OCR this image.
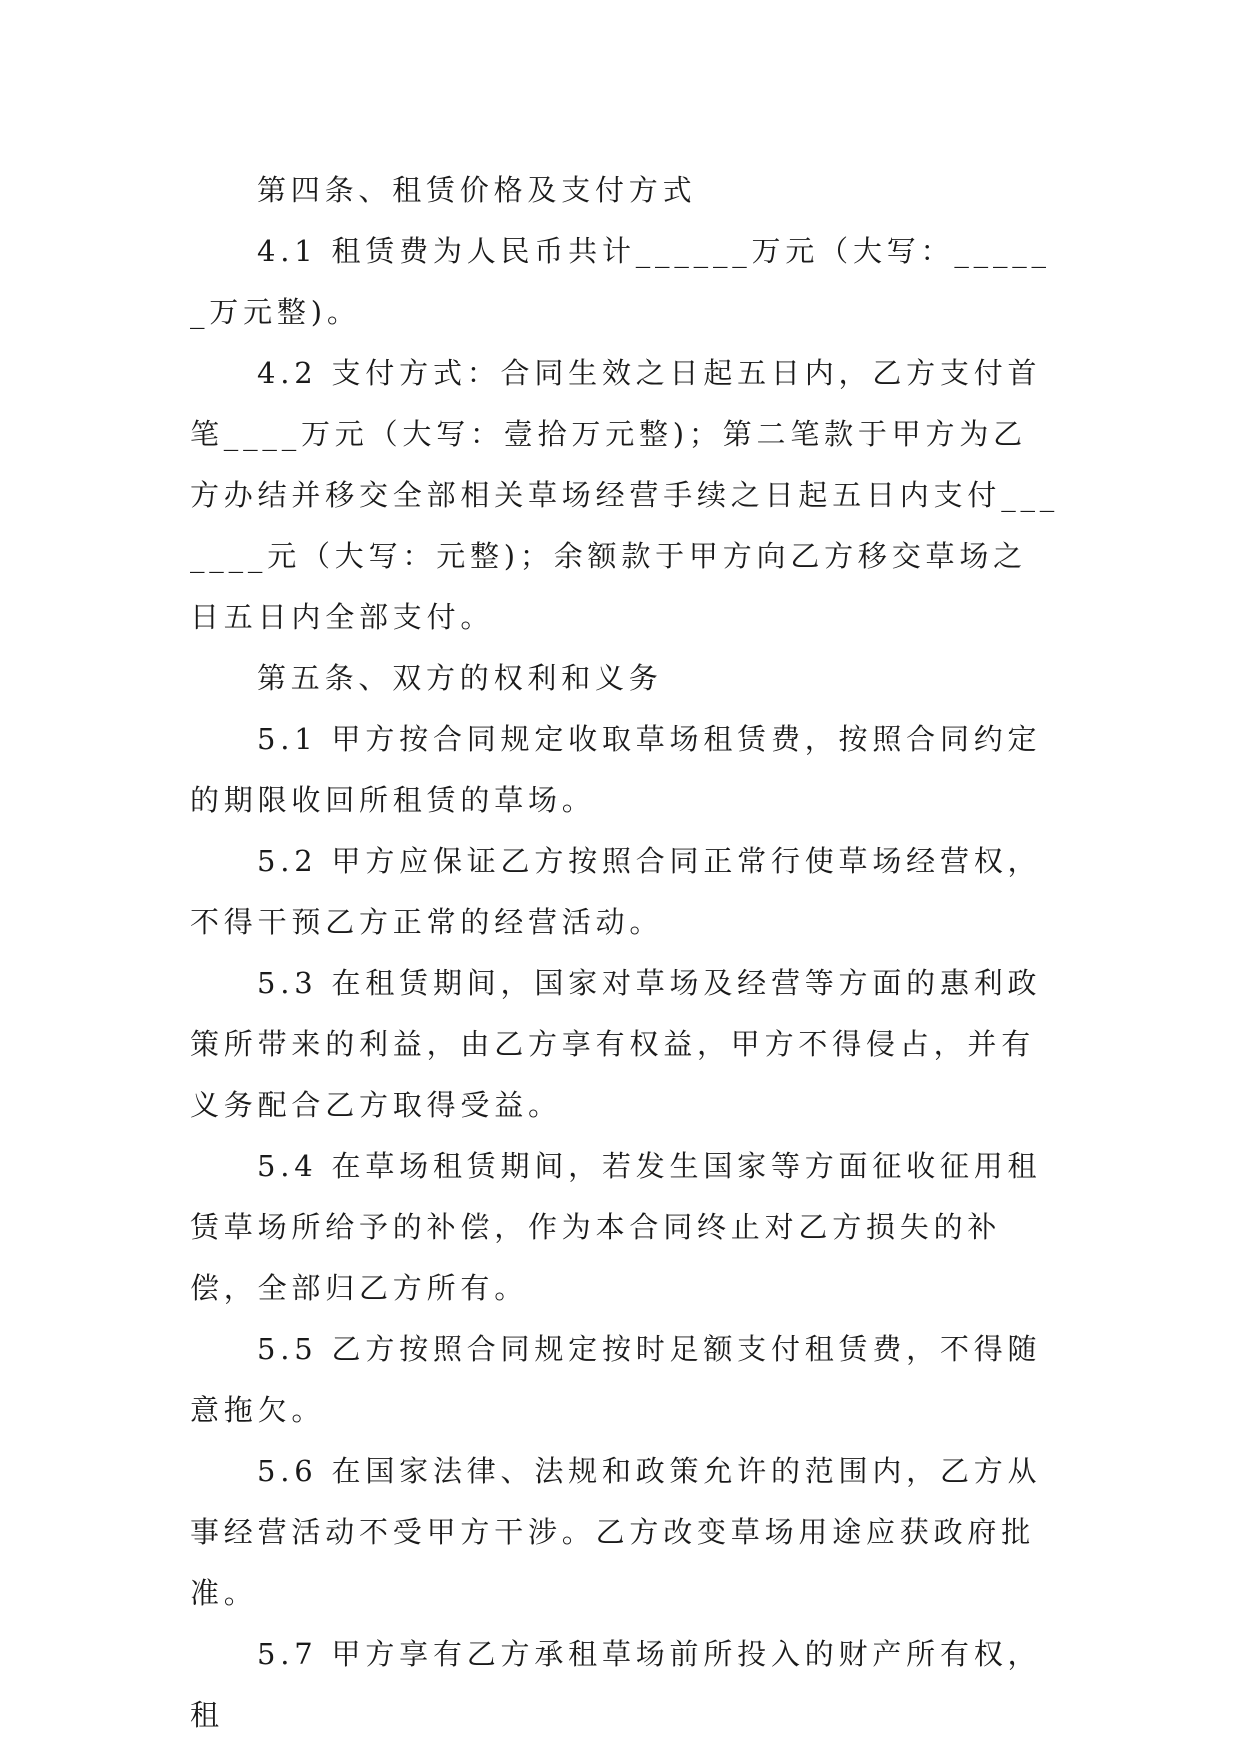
第四条、租赁价格及支付方式

4.1 租赁费为人民币共计______万元（大写：______万元整)。

4.2 支付方式：合同生效之日起五日内，乙方支付首笔____万元（大写：壹拾万元整)；第二笔款于甲方为乙方办结并移交全部相关草场经营手续之日起五日内支付_______元（大写：元整)；余额款于甲方向乙方移交草场之日五日内全部支付。

第五条、双方的权利和义务

5.1 甲方按合同规定收取草场租赁费，按照合同约定的期限收回所租赁的草场。

5.2 甲方应保证乙方按照合同正常行使草场经营权，不得干预乙方正常的经营活动。

5.3 在租赁期间，国家对草场及经营等方面的惠利政策所带来的利益，由乙方享有权益，甲方不得侵占，并有义务配合乙方取得受益。

5.4 在草场租赁期间，若发生国家等方面征收征用租赁草场所给予的补偿，作为本合同终止对乙方损失的补偿，全部归乙方所有。

5.5 乙方按照合同规定按时足额支付租赁费，不得随意拖欠。

5.6 在国家法律、法规和政策允许的范围内，乙方从事经营活动不受甲方干涉。乙方改变草场用途应获政府批准。

5.7 甲方享有乙方承租草场前所投入的财产所有权，租
